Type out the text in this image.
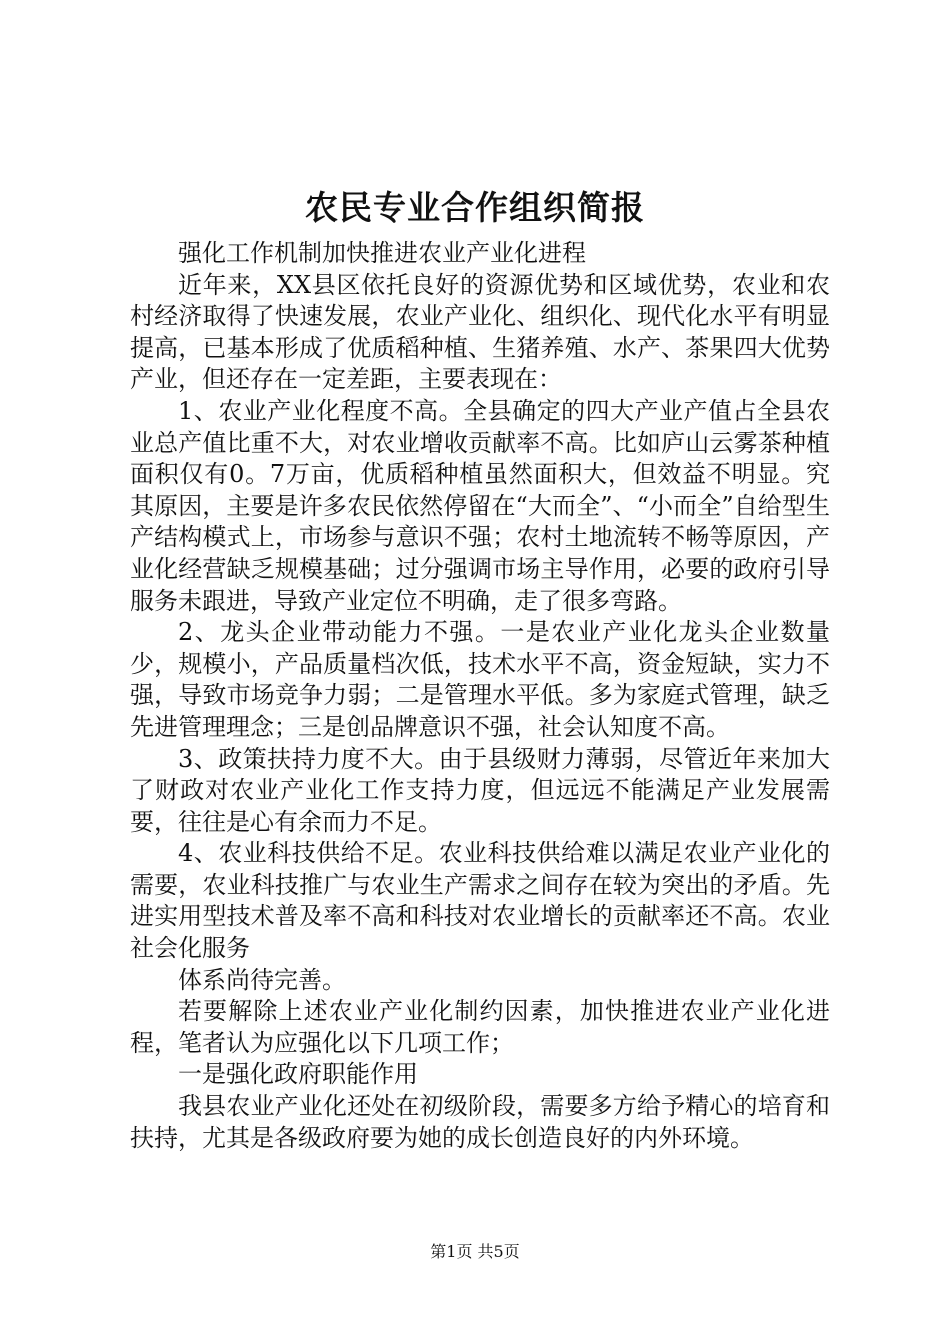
农民专业合作组织简报

强化工作机制加快推进农业产业化进程

近年来，XX县区依托良好的资源优势和区域优势，农业和农村经济取得了快速发展，农业产业化、组织化、现代化水平有明显提高，已基本形成了优质稻种植、生猪养殖、水产、茶果四大优势产业，但还存在一定差距，主要表现在：

1、农业产业化程度不高。全县确定的四大产业产值占全县农业总产值比重不大，对农业增收贡献率不高。比如庐山云雾茶种植面积仅有0。7万亩，优质稻种植虽然面积大，但效益不明显。究其原因，主要是许多农民依然停留在“大而全”、“小而全”自给型生产结构模式上，市场参与意识不强；农村土地流转不畅等原因，产业化经营缺乏规模基础；过分强调市场主导作用，必要的政府引导服务未跟进，导致产业定位不明确，走了很多弯路。

2、龙头企业带动能力不强。一是农业产业化龙头企业数量少，规模小，产品质量档次低，技术水平不高，资金短缺，实力不强，导致市场竞争力弱；二是管理水平低。多为家庭式管理，缺乏先进管理理念；三是创品牌意识不强，社会认知度不高。

3、政策扶持力度不大。由于县级财力薄弱，尽管近年来加大了财政对农业产业化工作支持力度，但远远不能满足产业发展需要，往往是心有余而力不足。

4、农业科技供给不足。农业科技供给难以满足农业产业化的需要，农业科技推广与农业生产需求之间存在较为突出的矛盾。先进实用型技术普及率不高和科技对农业增长的贡献率还不高。农业社会化服务

体系尚待完善。

若要解除上述农业产业化制约因素，加快推进农业产业化进程，笔者认为应强化以下几项工作；

一是强化政府职能作用

我县农业产业化还处在初级阶段，需要多方给予精心的培育和扶持，尤其是各级政府要为她的成长创造良好的内外环境。

第1页 共5页
